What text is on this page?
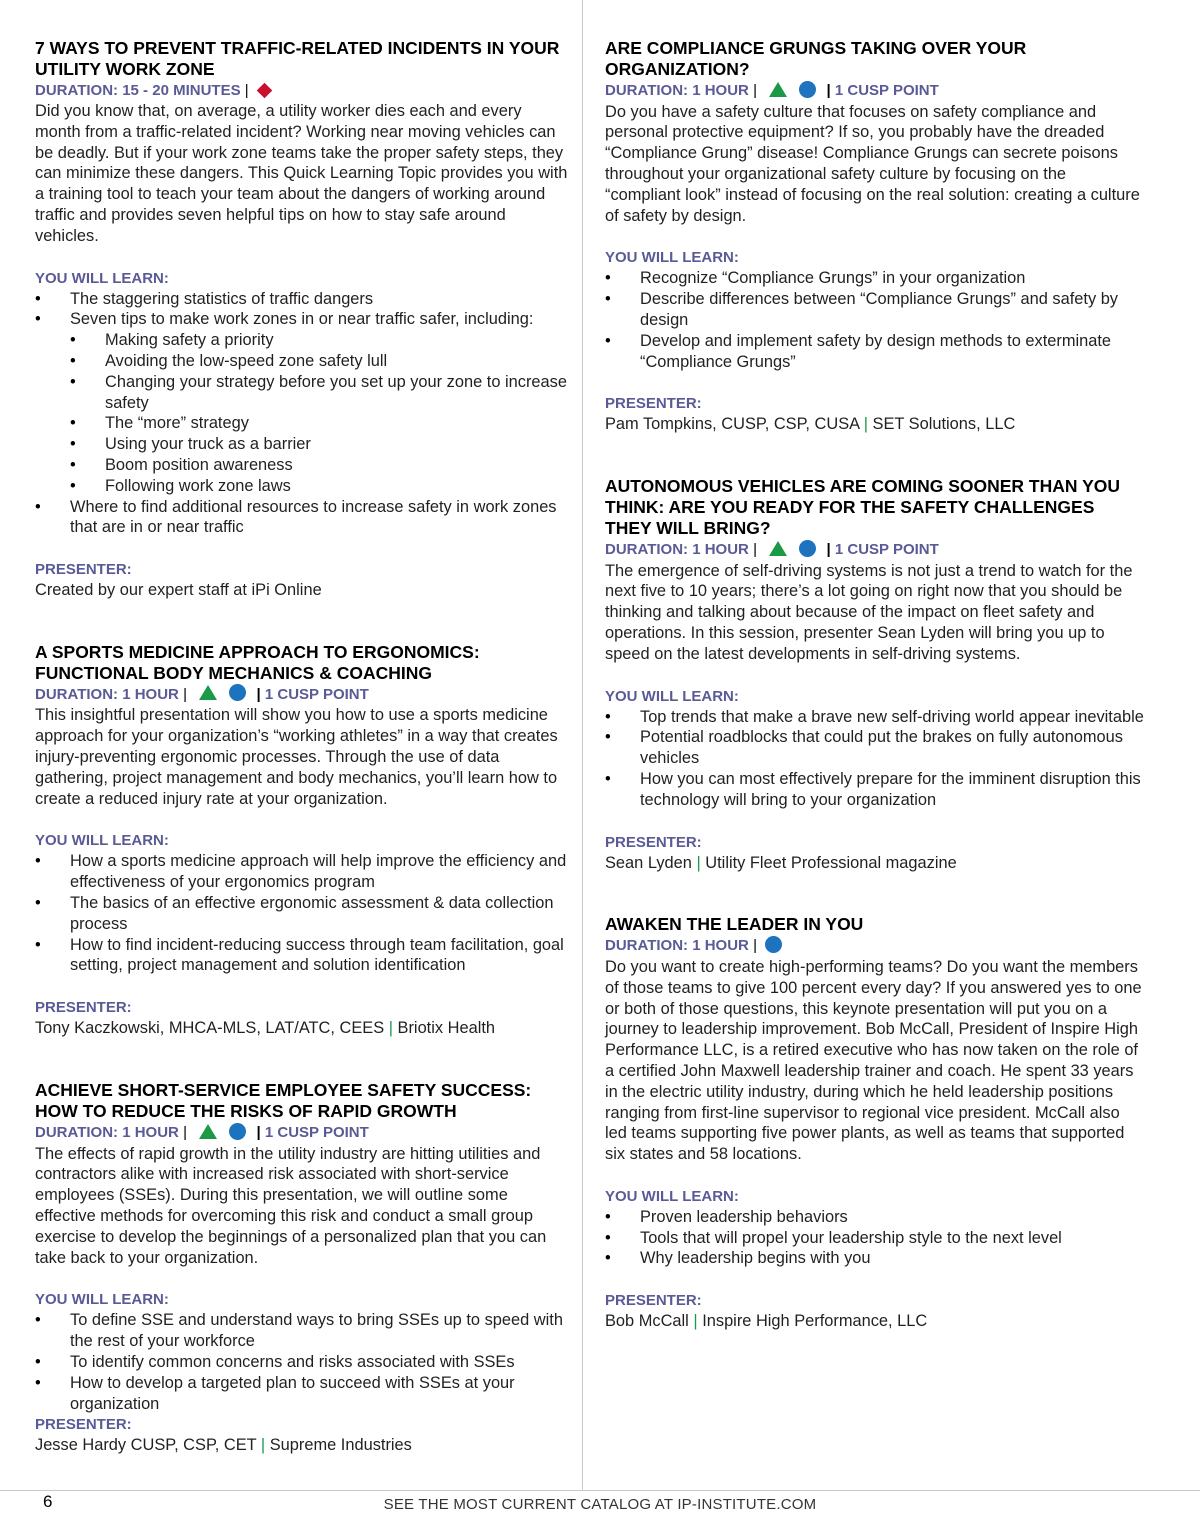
7 WAYS TO PREVENT TRAFFIC-RELATED INCIDENTS IN YOUR UTILITY WORK ZONE
DURATION: 15 - 20 MINUTES |

Did you know that, on average, a utility worker dies each and every month from a traffic-related incident? Working near moving vehicles can be deadly. But if your work zone teams take the proper safety steps, they can minimize these dangers. This Quick Learning Topic provides you with a training tool to teach your team about the dangers of working around traffic and provides seven helpful tips on how to stay safe around vehicles.

YOU WILL LEARN:
• The staggering statistics of traffic dangers
• Seven tips to make work zones in or near traffic safer, including:
• Making safety a priority
• Avoiding the low-speed zone safety lull
• Changing your strategy before you set up your zone to increase safety
• The “more” strategy
• Using your truck as a barrier
• Boom position awareness
• Following work zone laws
• Where to find additional resources to increase safety in work zones that are in or near traffic
PRESENTER:
Created by our expert staff at iPi Online
A SPORTS MEDICINE APPROACH TO ERGONOMICS: FUNCTIONAL BODY MECHANICS & COACHING
DURATION: 1 HOUR |	| 1 CUSP POINT

This insightful presentation will show you how to use a sports medicine approach for your organization’s “working athletes” in a way that creates injury-preventing ergonomic processes. Through the use of data gathering, project management and body mechanics, you’ll learn how to create a reduced injury rate at your organization.

YOU WILL LEARN:
• How a sports medicine approach will help improve the efficiency and effectiveness of your ergonomics program
• The basics of an effective ergonomic assessment & data collection process
• How to find incident-reducing success through team facilitation, goal setting, project management and solution identification
PRESENTER:
Tony Kaczkowski, MHCA-MLS, LAT/ATC, CEES | Briotix Health
ACHIEVE SHORT-SERVICE EMPLOYEE SAFETY SUCCESS: HOW TO REDUCE THE RISKS OF RAPID GROWTH
DURATION: 1 HOUR |	| 1 CUSP POINT

The effects of rapid growth in the utility industry are hitting utilities and contractors alike with increased risk associated with short-service employees (SSEs). During this presentation, we will outline some effective methods for overcoming this risk and conduct a small group exercise to develop the beginnings of a personalized plan that you can take back to your organization.

YOU WILL LEARN:
• To define SSE and understand ways to bring SSEs up to speed with the rest of your workforce
• To identify common concerns and risks associated with SSEs
• How to develop a targeted plan to succeed with SSEs at your organization
PRESENTER:
Jesse Hardy CUSP, CSP, CET | Supreme Industries
ARE COMPLIANCE GRUNGS TAKING OVER YOUR ORGANIZATION?
DURATION: 1 HOUR |	| 1 CUSP POINT

Do you have a safety culture that focuses on safety compliance and personal protective equipment? If so, you probably have the dreaded “Compliance Grung” disease! Compliance Grungs can secrete poisons throughout your organizational safety culture by focusing on the “compliant look” instead of focusing on the real solution: creating a culture of safety by design.

YOU WILL LEARN:
• Recognize “Compliance Grungs” in your organization
• Describe differences between “Compliance Grungs” and safety by design
• Develop and implement safety by design methods to exterminate “Compliance Grungs”
PRESENTER:
Pam Tompkins, CUSP, CSP, CUSA | SET Solutions, LLC
AUTONOMOUS VEHICLES ARE COMING SOONER THAN YOU THINK: ARE YOU READY FOR THE SAFETY CHALLENGES THEY WILL BRING?
DURATION: 1 HOUR |	| 1 CUSP POINT

The emergence of self-driving systems is not just a trend to watch for the next five to 10 years; there’s a lot going on right now that you should be thinking and talking about because of the impact on fleet safety and operations. In this session, presenter Sean Lyden will bring you up to speed on the latest developments in self-driving systems.

YOU WILL LEARN:
• Top trends that make a brave new self-driving world appear inevitable
• Potential roadblocks that could put the brakes on fully autonomous vehicles
• How you can most effectively prepare for the imminent disruption this technology will bring to your organization
PRESENTER:
Sean Lyden | Utility Fleet Professional magazine
AWAKEN THE LEADER IN YOU
DURATION: 1 HOUR |

Do you want to create high-performing teams? Do you want the members of those teams to give 100 percent every day? If you answered yes to one or both of those questions, this keynote presentation will put you on a journey to leadership improvement. Bob McCall, President of Inspire High Performance LLC, is a retired executive who has now taken on the role of a certified John Maxwell leadership trainer and coach. He spent 33 years in the electric utility industry, during which he held leadership positions ranging from first-line supervisor to regional vice president. McCall also led teams supporting five power plants, as well as teams that supported six states and 58 locations.

YOU WILL LEARN:
• Proven leadership behaviors
• Tools that will propel your leadership style to the next level
• Why leadership begins with you
PRESENTER:
Bob McCall | Inspire High Performance, LLC
6	SEE THE MOST CURRENT CATALOG AT IP-INSTITUTE.COM
